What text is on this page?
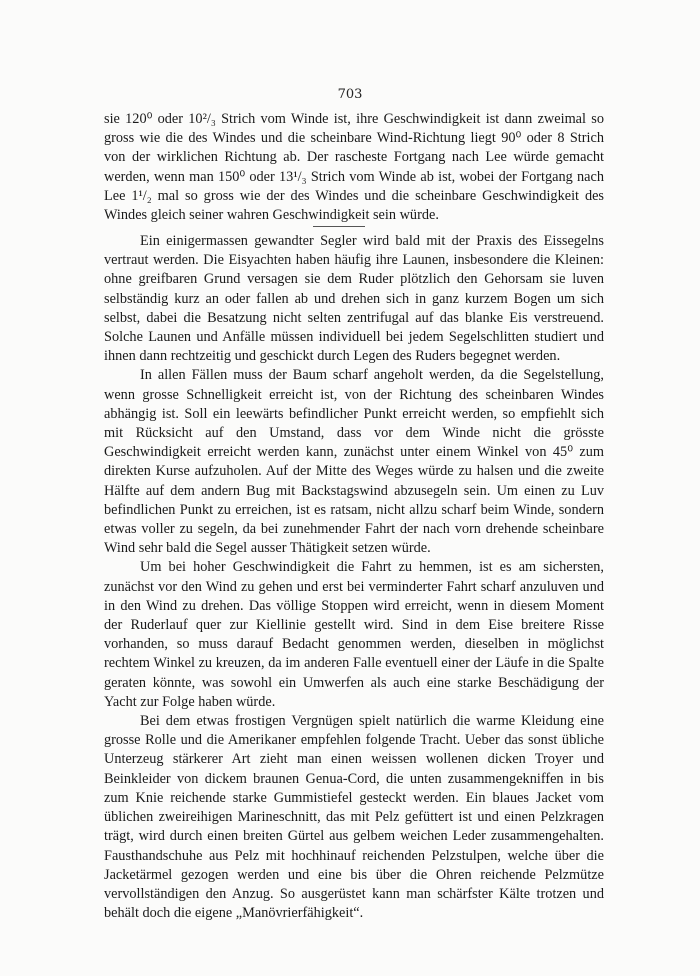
703

sie 120⁰ oder 10²/₃ Strich vom Winde ist, ihre Geschwindigkeit ist dann zweimal so gross wie die des Windes und die scheinbare Wind-Richtung liegt 90⁰ oder 8 Strich von der wirklichen Richtung ab. Der rascheste Fortgang nach Lee würde gemacht werden, wenn man 150⁰ oder 13¹/₃ Strich vom Winde ab ist, wobei der Fortgang nach Lee 1¹/₂ mal so gross wie der des Windes und die scheinbare Geschwindigkeit des Windes gleich seiner wahren Geschwindigkeit sein würde.

Ein einigermassen gewandter Segler wird bald mit der Praxis des Eissegelns vertraut werden. Die Eisyachten haben häufig ihre Launen, insbesondere die Kleinen: ohne greifbaren Grund versagen sie dem Ruder plötzlich den Gehorsam sie luven selbständig kurz an oder fallen ab und drehen sich in ganz kurzem Bogen um sich selbst, dabei die Besatzung nicht selten zentrifugal auf das blanke Eis verstreuend. Solche Launen und Anfälle müssen individuell bei jedem Segelschlitten studiert und ihnen dann rechtzeitig und geschickt durch Legen des Ruders begegnet werden.

In allen Fällen muss der Baum scharf angeholt werden, da die Segelstellung, wenn grosse Schnelligkeit erreicht ist, von der Richtung des scheinbaren Windes abhängig ist. Soll ein leewärts befindlicher Punkt erreicht werden, so empfiehlt sich mit Rücksicht auf den Umstand, dass vor dem Winde nicht die grösste Geschwindigkeit erreicht werden kann, zunächst unter einem Winkel von 45⁰ zum direkten Kurse aufzuholen. Auf der Mitte des Weges würde zu halsen und die zweite Hälfte auf dem andern Bug mit Backstagswind abzusegeln sein. Um einen zu Luv befindlichen Punkt zu erreichen, ist es ratsam, nicht allzu scharf beim Winde, sondern etwas voller zu segeln, da bei zunehmender Fahrt der nach vorn drehende scheinbare Wind sehr bald die Segel ausser Thätigkeit setzen würde.

Um bei hoher Geschwindigkeit die Fahrt zu hemmen, ist es am sichersten, zunächst vor den Wind zu gehen und erst bei verminderter Fahrt scharf anzuluven und in den Wind zu drehen. Das völlige Stoppen wird erreicht, wenn in diesem Moment der Ruderlauf quer zur Kiellinie gestellt wird. Sind in dem Eise breitere Risse vorhanden, so muss darauf Bedacht genommen werden, dieselben in möglichst rechtem Winkel zu kreuzen, da im anderen Falle eventuell einer der Läufe in die Spalte geraten könnte, was sowohl ein Umwerfen als auch eine starke Beschädigung der Yacht zur Folge haben würde.

Bei dem etwas frostigen Vergnügen spielt natürlich die warme Kleidung eine grosse Rolle und die Amerikaner empfehlen folgende Tracht. Ueber das sonst übliche Unterzeug stärkerer Art zieht man einen weissen wollenen dicken Troyer und Beinkleider von dickem braunen Genua-Cord, die unten zusammengekniffen in bis zum Knie reichende starke Gummistiefel gesteckt werden. Ein blaues Jacket vom üblichen zweireihigen Marineschnitt, das mit Pelz gefüttert ist und einen Pelzkragen trägt, wird durch einen breiten Gürtel aus gelbem weichen Leder zusammengehalten. Fausthandschuhe aus Pelz mit hochhinauf reichenden Pelzstulpen, welche über die Jacketärmel gezogen werden und eine bis über die Ohren reichende Pelzmütze vervollständigen den Anzug. So ausgerüstet kann man schärfster Kälte trotzen und behält doch die eigene „Manövrierfähigkeit“.
